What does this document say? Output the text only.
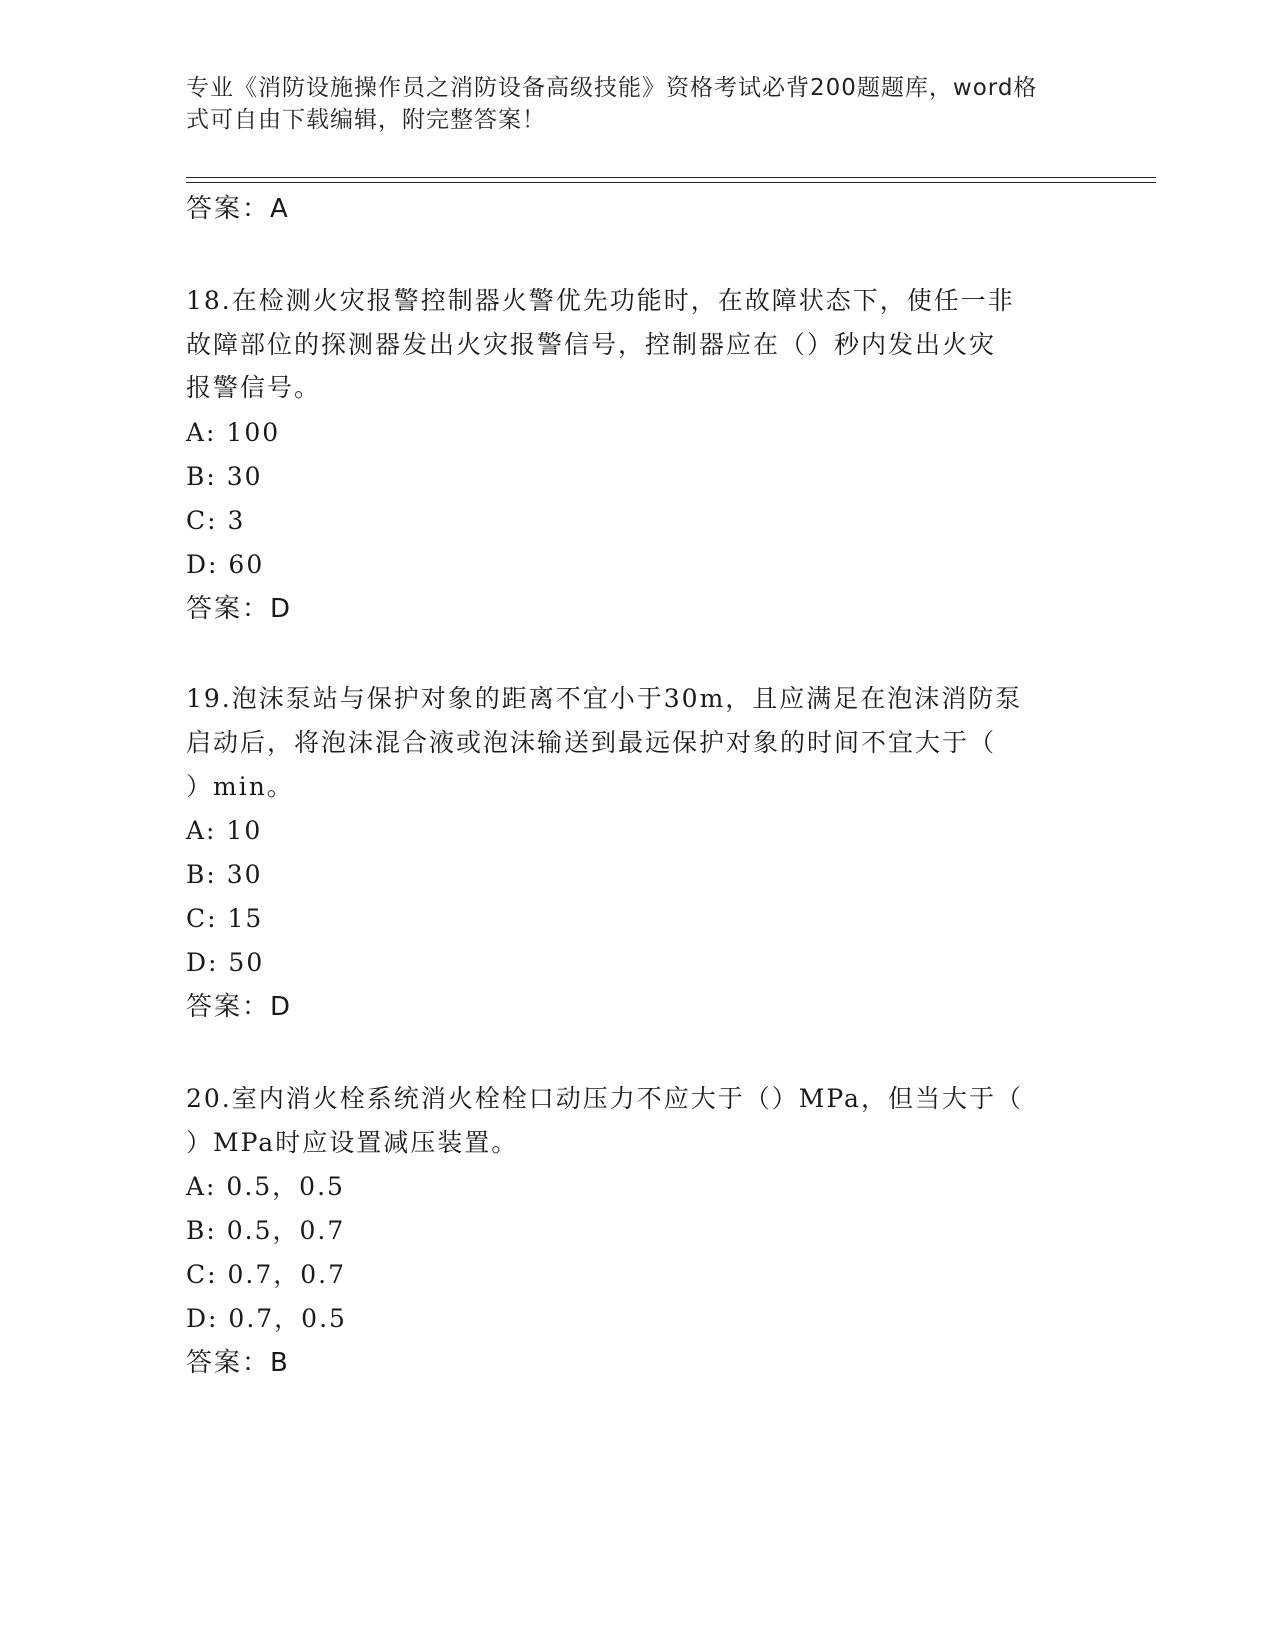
专业《消防设施操作员之消防设备高级技能》资格考试必背200题题库，word格
式可自由下载编辑，附完整答案！
答案：A
18.在检测火灾报警控制器火警优先功能时，在故障状态下，使任一非
故障部位的探测器发出火灾报警信号，控制器应在（）秒内发出火灾
报警信号。
A: 100
B: 30
C: 3
D: 60
答案：D
19.泡沫泵站与保护对象的距离不宜小于30m，且应满足在泡沫消防泵
启动后，将泡沫混合液或泡沫输送到最远保护对象的时间不宜大于（
）min。
A: 10
B: 30
C: 15
D: 50
答案：D
20.室内消火栓系统消火栓栓口动压力不应大于（）MPa，但当大于（
）MPa时应设置减压装置。
A: 0.5，0.5
B: 0.5，0.7
C: 0.7，0.7
D: 0.7，0.5
答案：B
